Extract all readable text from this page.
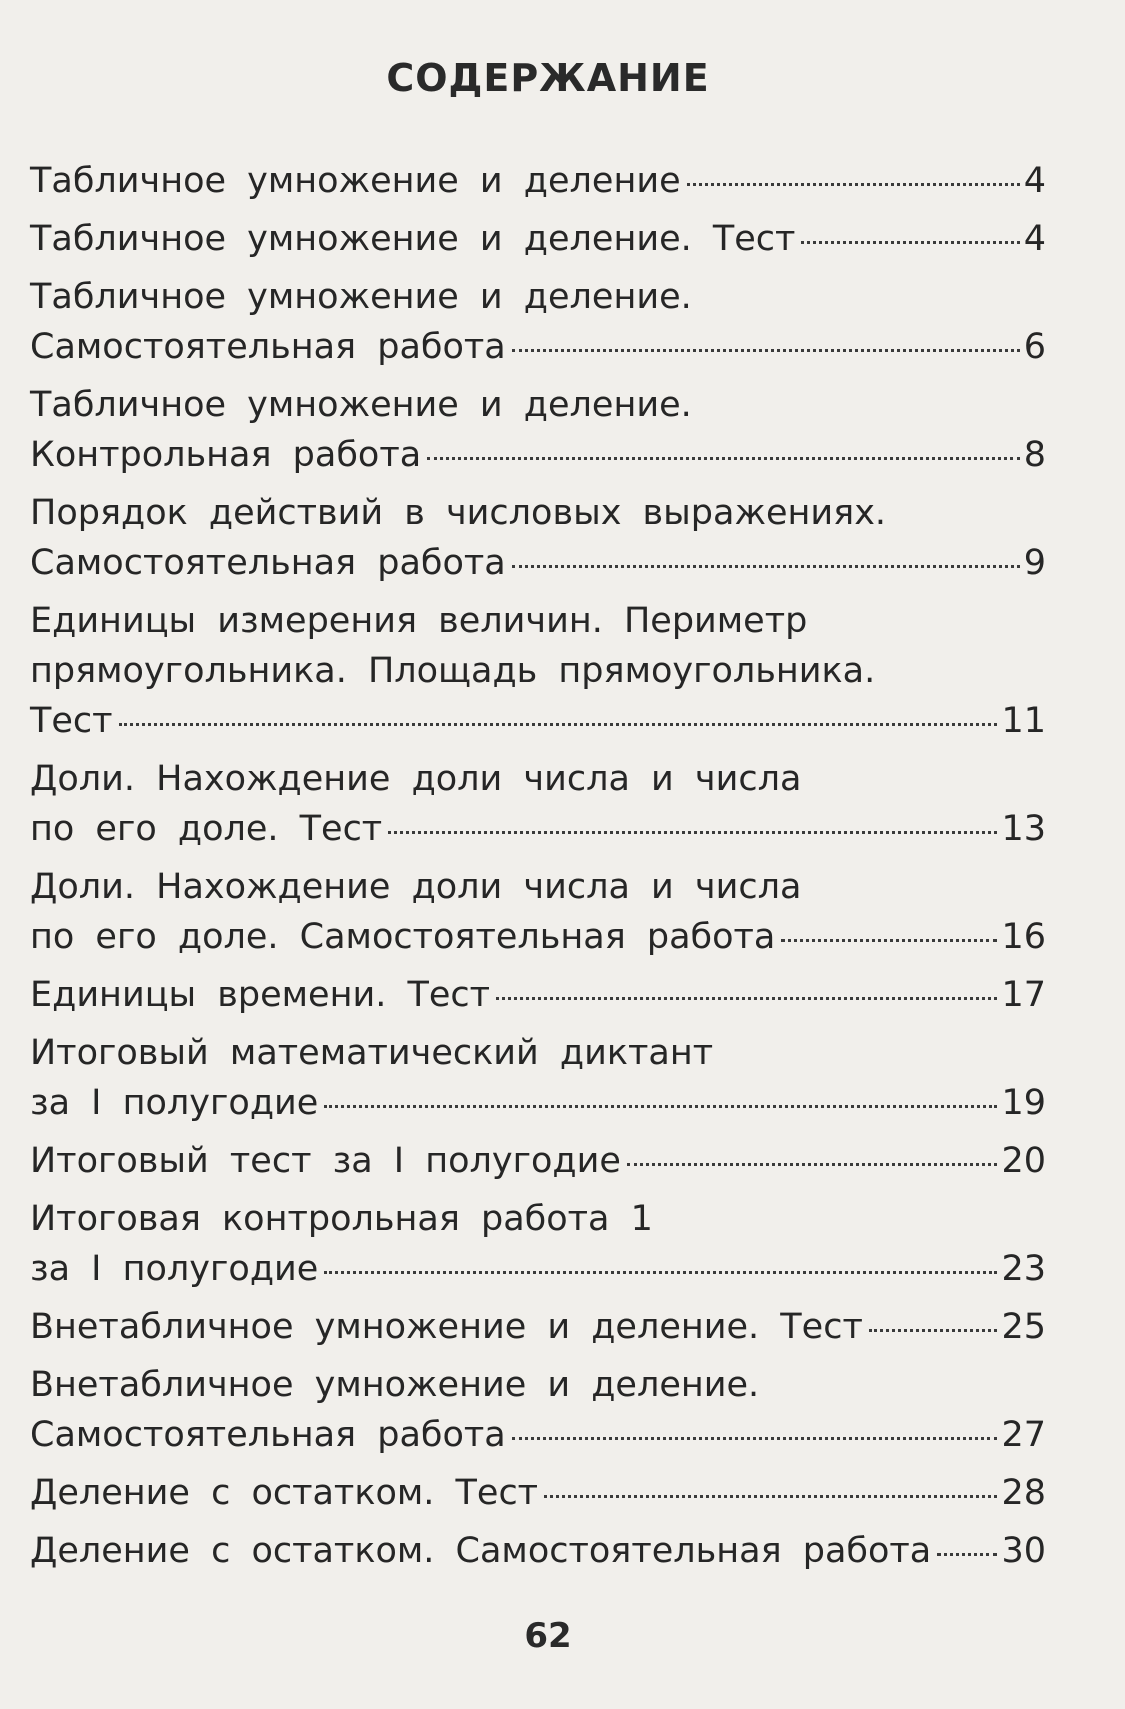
СОДЕРЖАНИЕ
Табличное умножение и деление	4
Табличное умножение и деление. Тест	4
Табличное умножение и деление.
Самостоятельная работа	6
Табличное умножение и деление.
Контрольная работа	8
Порядок действий в числовых выражениях.
Самостоятельная работа	9
Единицы измерения величин. Периметр
прямоугольника. Площадь прямоугольника.
Тест	11
Доли. Нахождение доли числа и числа
по его доле. Тест	13
Доли. Нахождение доли числа и числа
по его доле. Самостоятельная работа	16
Единицы времени. Тест	17
Итоговый математический диктант
за I полугодие	19
Итоговый тест за I полугодие	20
Итоговая контрольная работа 1
за I полугодие	23
Внетабличное умножение и деление. Тест	25
Внетабличное умножение и деление.
Самостоятельная работа	27
Деление с остатком. Тест	28
Деление с остатком. Самостоятельная работа 30
62
